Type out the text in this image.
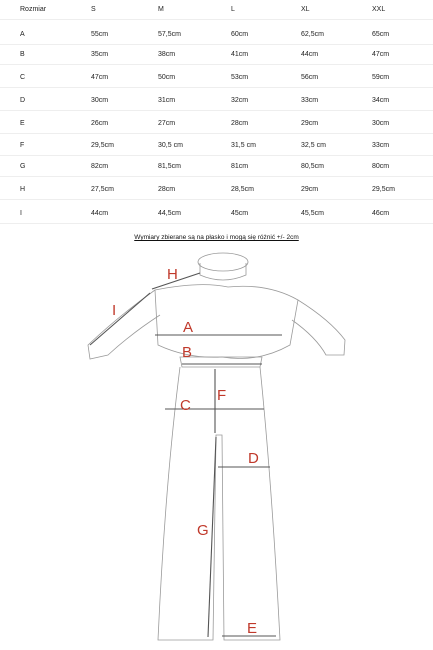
Rozmiar	S	M	L	XL	XXL
A	55cm	57,5cm	60cm	62,5cm	65cm
B	35cm	38cm	41cm	44cm	47cm
C	47cm	50cm	53cm	56cm	59cm
D	30cm	31cm	32cm	33cm	34cm
E	26cm	27cm	28cm	29cm	30cm
F	29,5cm	30,5 cm	31,5 cm	32,5 cm	33cm
G	82cm	81,5cm	81cm	80,5cm	80cm
H	27,5cm	28cm	28,5cm	29cm	29,5cm
I	44cm	44,5cm	45cm	45,5cm	46cm
Wymiary zbierane są na płasko i mogą się różnić +/- 2cm
A
B
C
D
E
F
G
H
I
